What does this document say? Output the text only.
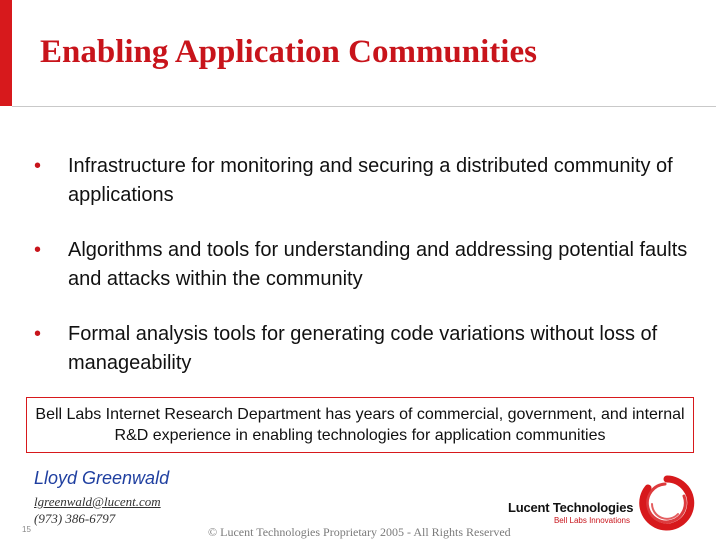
Enabling Application Communities
• Infrastructure for monitoring and securing a distributed community of applications
• Algorithms and tools for understanding and addressing potential faults and attacks within the community
• Formal analysis tools for generating code variations without loss of manageability
Bell Labs Internet Research Department has years of commercial, government, and internal R&D experience in enabling technologies for application communities
Lloyd Greenwald
lgreenwald@lucent.com
(973) 386-6797
15	© Lucent Technologies Proprietary 2005 - All Rights Reserved
Lucent Technologies
Bell Labs Innovations
